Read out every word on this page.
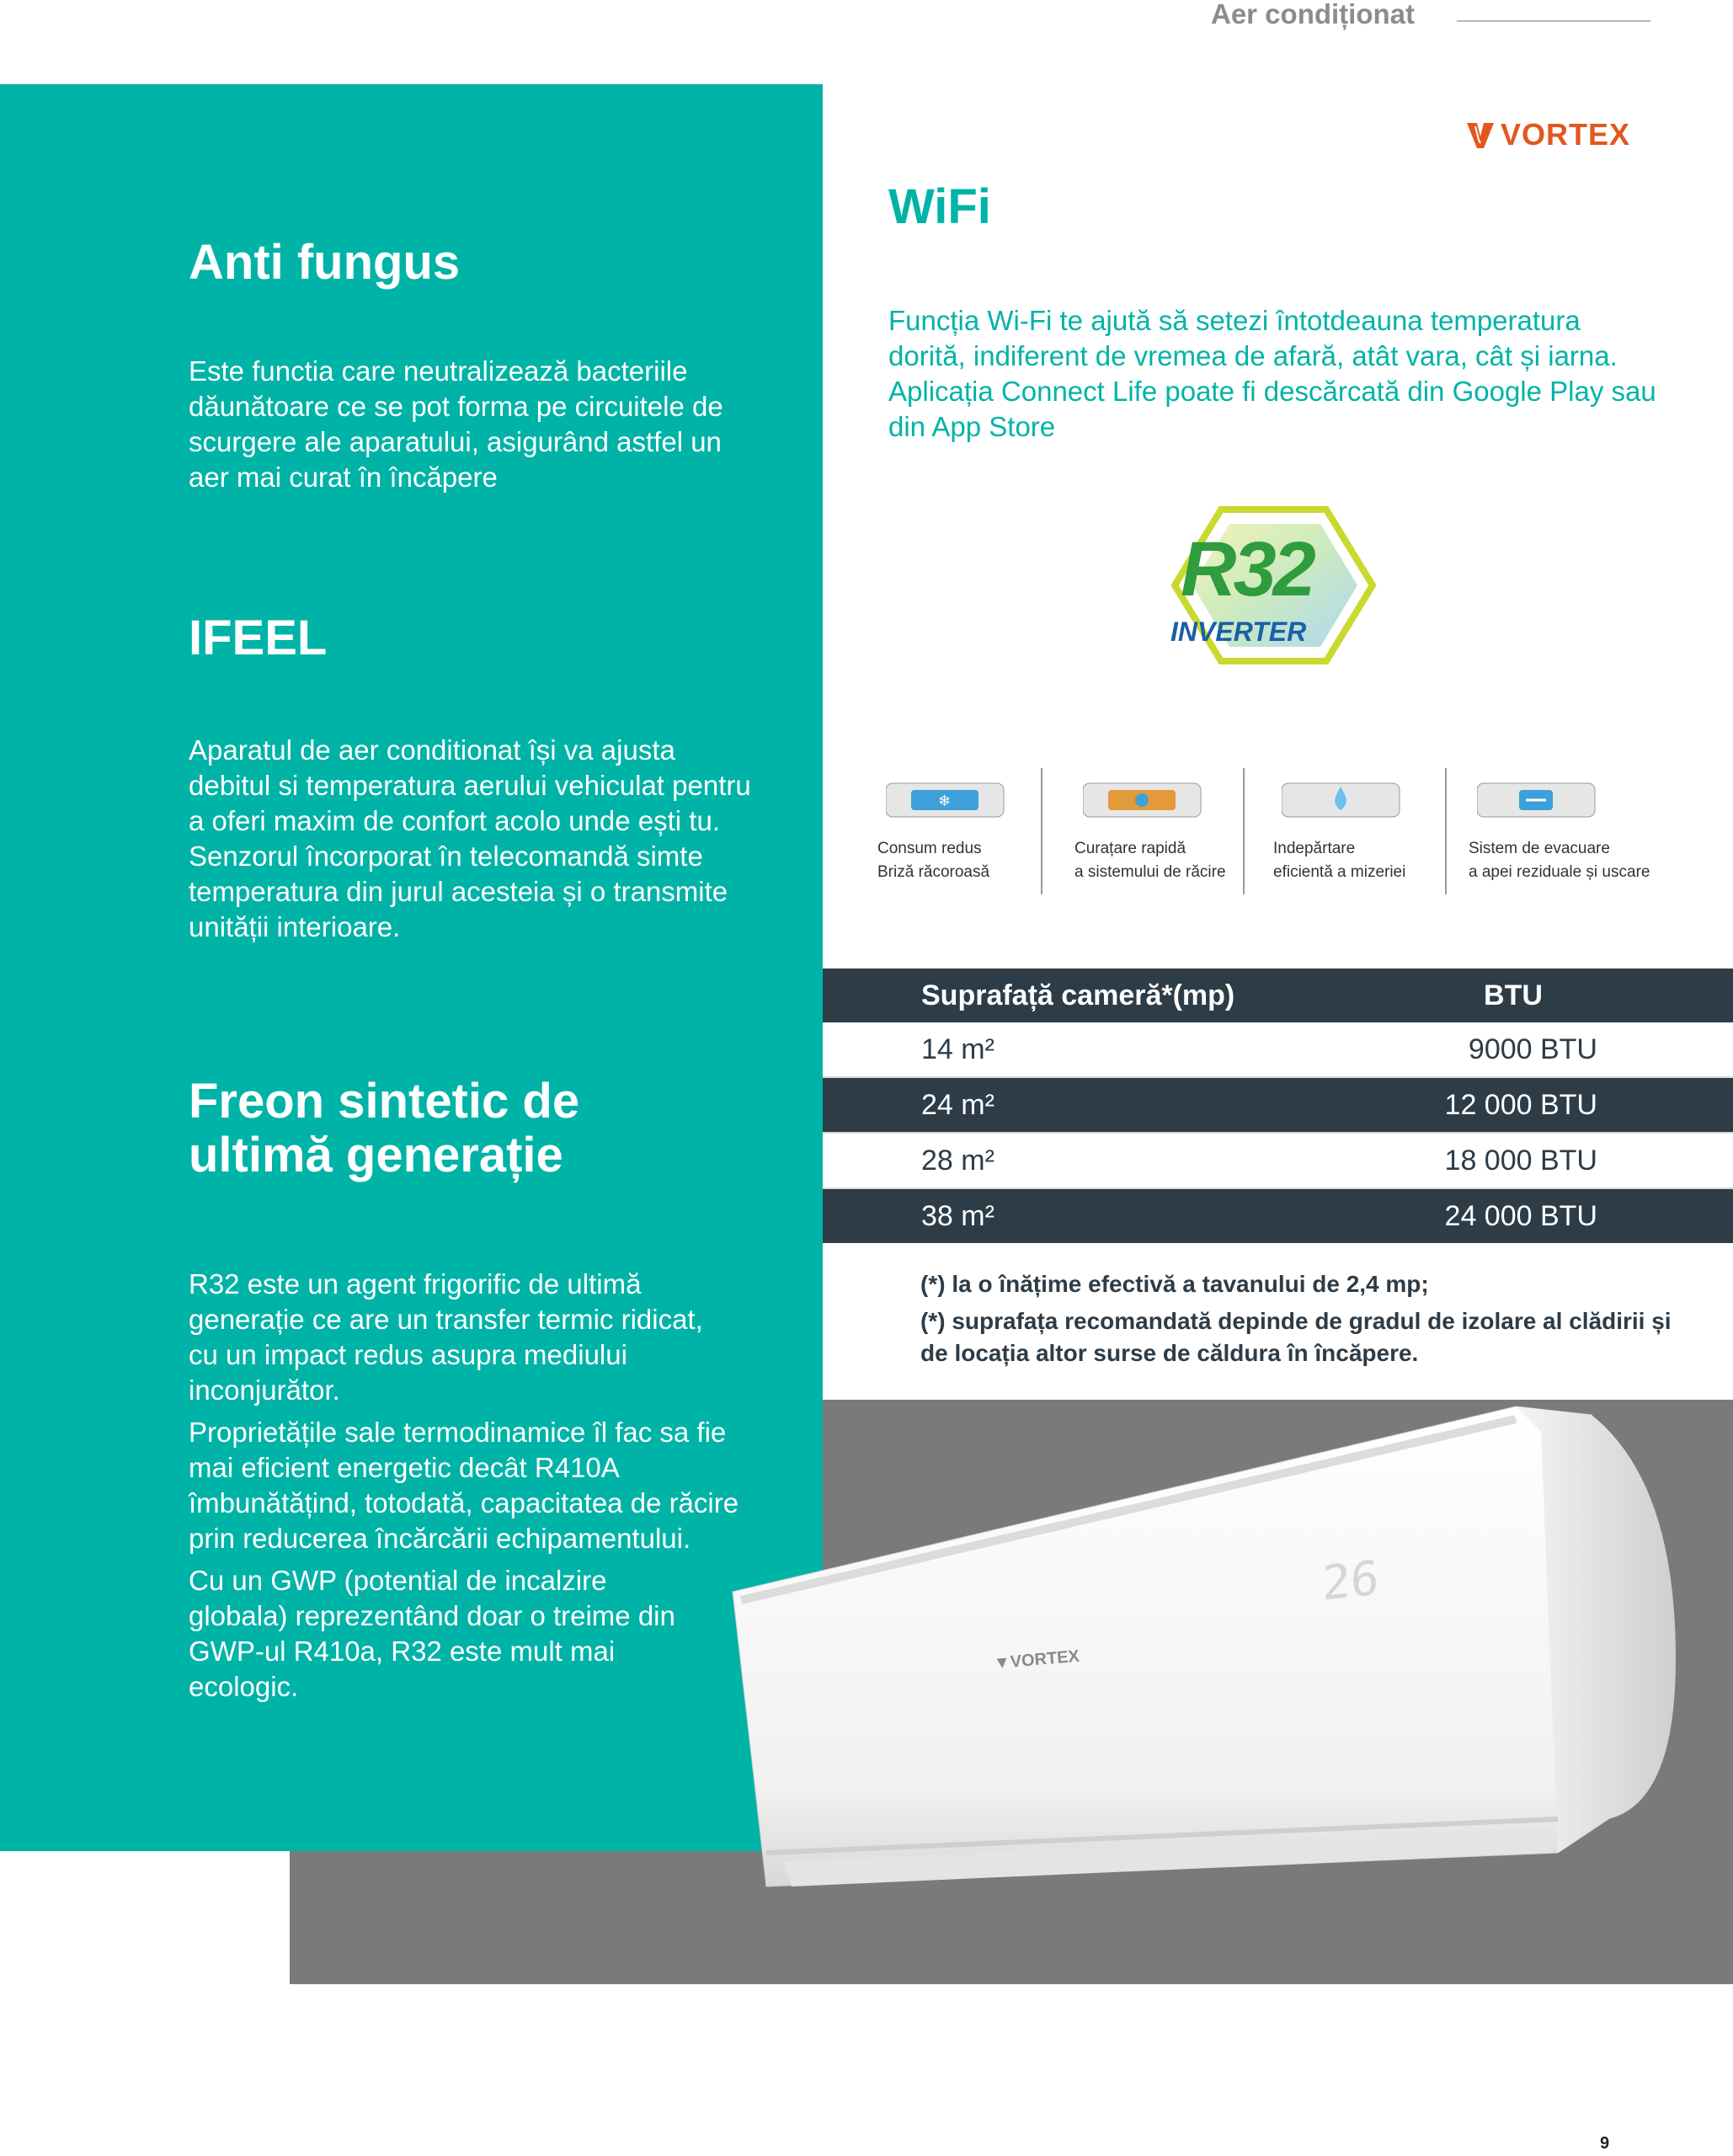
Aer condiționat
Anti fungus

Este functia care neutralizează bacteriile dăunătoare ce se pot forma pe circuitele de scurgere ale aparatului, asigurând astfel un aer mai curat în încăpere

IFEEL

Aparatul de aer conditionat își va ajusta debitul si temperatura aerului vehiculat pentru a oferi maxim de confort acolo unde ești tu. Senzorul încorporat în telecomandă simte temperatura din jurul acesteia și o transmite unității interioare.

Freon sintetic de
ultimă generație

R32 este un agent frigorific de ultimă generație ce are un transfer termic ridicat, cu un impact redus asupra mediului inconjurător.

Proprietățile sale termodinamice îl fac sa fie mai eficient energetic decât R410A îmbunătățind, totodată, capacitatea de răcire prin reducerea încărcării echipamentului.

Cu un GWP (potential de incalzire globala) reprezentând doar o treime din GWP-ul R410a, R32 este mult mai ecologic.

VORTEX
WiFi
Funcția Wi-Fi te ajută să setezi întotdeauna temperatura dorită, indiferent de vremea de afară, atât vara, cât și iarna. Aplicația Connect Life poate fi descărcată din Google Play sau din App Store
R32
INVERTER
❄
Consum redus
Briză răcoroasă
Curațare rapidă
a sistemului de răcire
Indepărtare
eficientă a mizeriei
Sistem de evacuare
a apei reziduale și uscare
Suprafață cameră*(mp)	BTU
14 m²	9000 BTU
24 m²	12 000 BTU
28 m²	18 000 BTU
38 m²	24 000 BTU
(*) la o înățime efectivă a tavanului de 2,4 mp;
(*) suprafața recomandată depinde de gradul de izolare al clădirii și de locația altor surse de căldura în încăpere.
26
▼VORTEX
9
